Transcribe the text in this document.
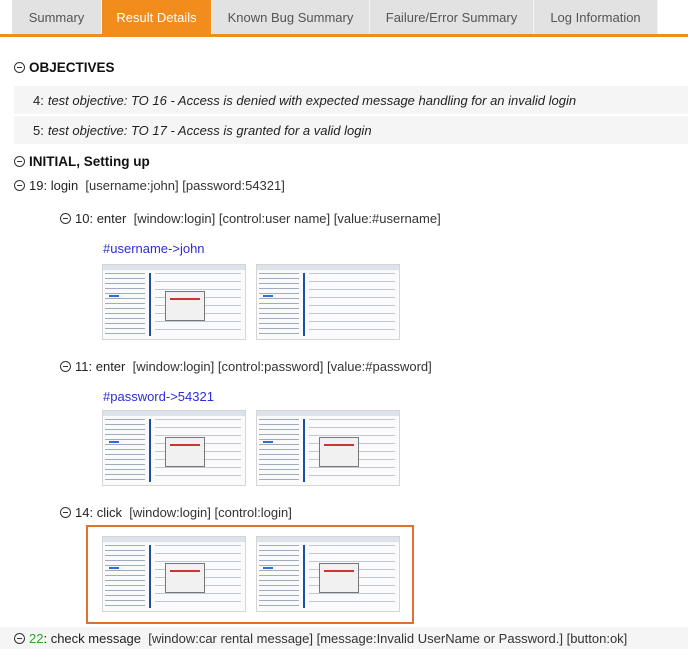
Summary	Result Details	Known Bug Summary	Failure/Error Summary	Log Information
OBJECTIVES
4: test objective: TO 16 - Access is denied with expected message handling for an invalid login
5: test objective: TO 17 - Access is granted for a valid login
INITIAL, Setting up
19:
login
[username:john] [password:54321]
10:
enter
[window:login] [control:user name] [value:#username]
#username->john
11:
enter
[window:login] [control:password] [value:#password]
#password->54321
14:
click
[window:login] [control:login]
22 : check message
[window:car rental message] [message:Invalid UserName or Password.] [button:ok]
